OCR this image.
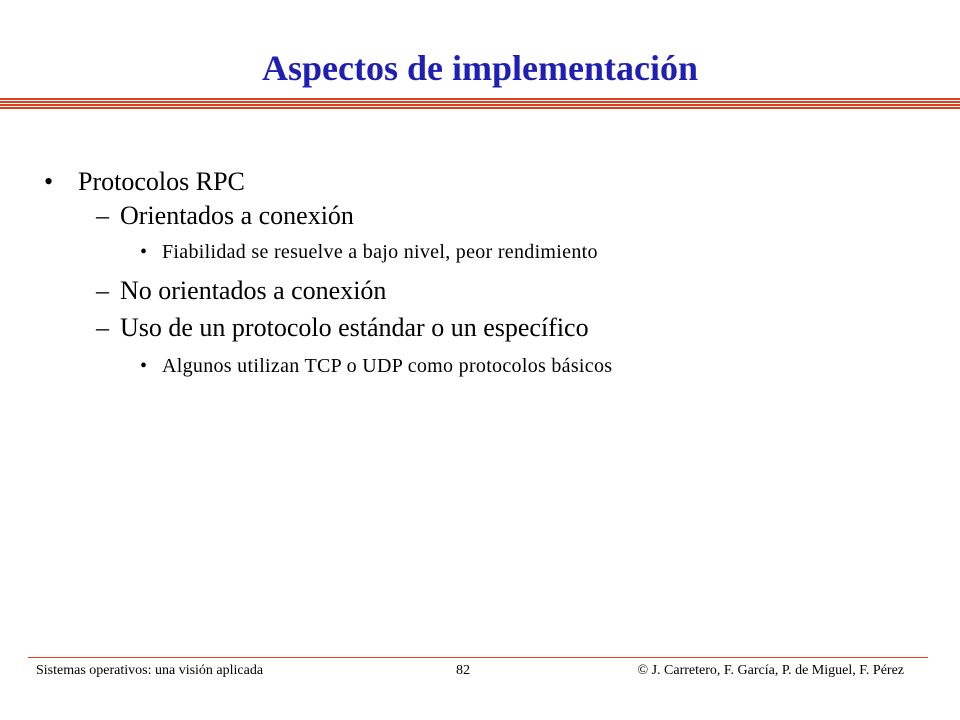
Aspectos de implementación
• Protocolos RPC
– Orientados a conexión
• Fiabilidad se resuelve a bajo nivel, peor rendimiento
– No orientados a conexión
– Uso de un protocolo estándar o un específico
• Algunos utilizan TCP o UDP como protocolos básicos
Sistemas operativos: una visión aplicada	82	© J. Carretero, F. García, P. de Miguel, F. Pérez
